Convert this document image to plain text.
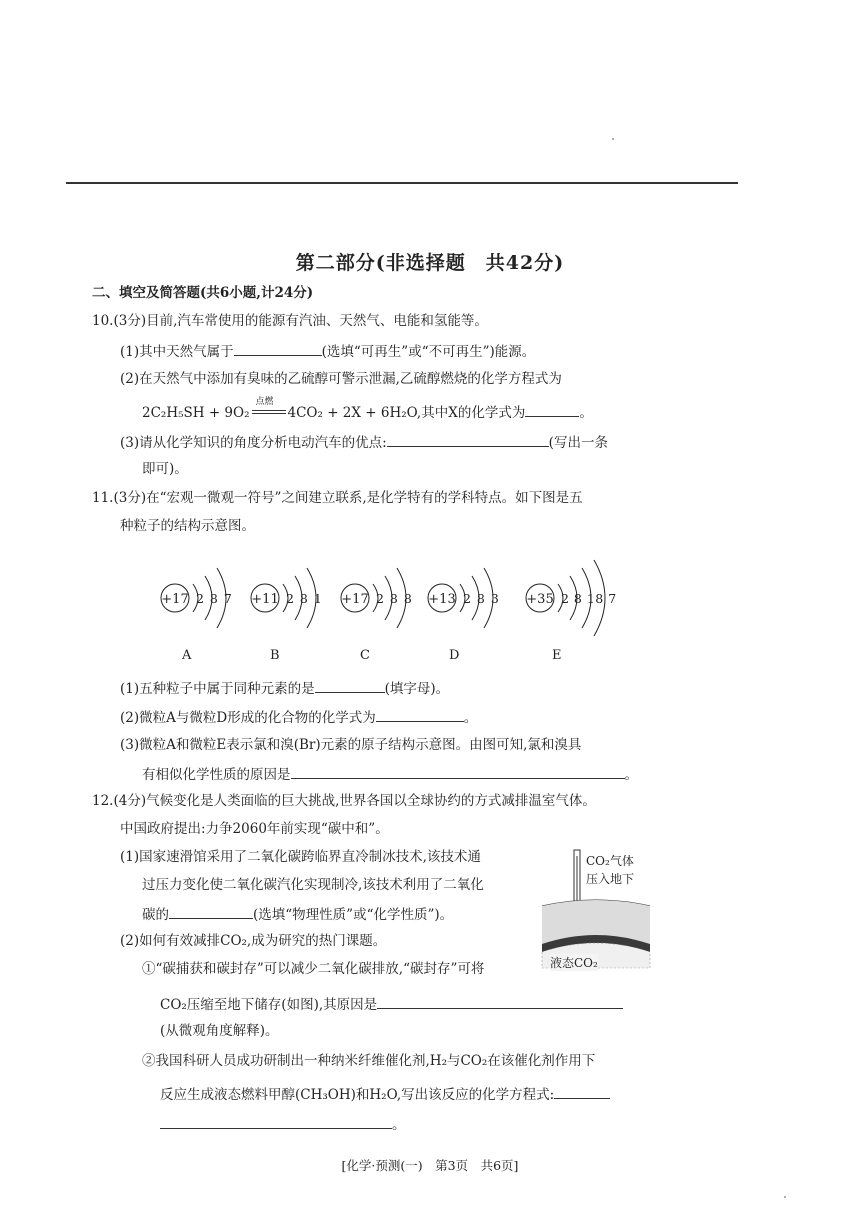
第二部分(非选择题　共42分)
二、填空及简答题(共6小题,计24分)
10.(3分)目前,汽车常使用的能源有汽油、天然气、电能和氢能等。
(1)其中天然气属于	(选填“可再生”或“不可再生”)能源。
(2)在天然气中添加有臭味的乙硫醇可警示泄漏,乙硫醇燃烧的化学方程式为
2C₂H₅SH + 9O₂
点燃
4CO₂ + 2X + 6H₂O,其中X的化学式为	。
(3)请从化学知识的角度分析电动汽车的优点:	(写出一条
即可)。
11.(3分)在“宏观一微观一符号”之间建立联系,是化学特有的学科特点。如下图是五
种粒子的结构示意图。
+17 2 8 7 +11 2 8 1 +17 2 8 8 +13 2 8 3 +35 2 8 18 7
A	B	C	D	E
(1)五种粒子中属于同种元素的是	(填字母)。
(2)微粒A与微粒D形成的化合物的化学式为	。
(3)微粒A和微粒E表示氯和溴(Br)元素的原子结构示意图。由图可知,氯和溴具
有相似化学性质的原因是	。
12.(4分)气候变化是人类面临的巨大挑战,世界各国以全球协约的方式减排温室气体。
中国政府提出:力争2060年前实现“碳中和”。
(1)国家速滑馆采用了二氧化碳跨临界直冷制冰技术,该技术通
过压力变化使二氧化碳汽化实现制冷,该技术利用了二氧化
碳的	(选填“物理性质”或“化学性质”)。
(2)如何有效减排CO₂,成为研究的热门课题。
①“碳捕获和碳封存”可以减少二氧化碳排放,“碳封存”可将
CO₂压缩至地下储存(如图),其原因是
(从微观角度解释)。
②我国科研人员成功研制出一种纳米纤维催化剂,H₂与CO₂在该催化剂作用下
反应生成液态燃料甲醇(CH₃OH)和H₂O,写出该反应的化学方程式:
。
CO₂气体
压入地下
液态CO₂
[化学·预测(一)　第3页　共6页]
